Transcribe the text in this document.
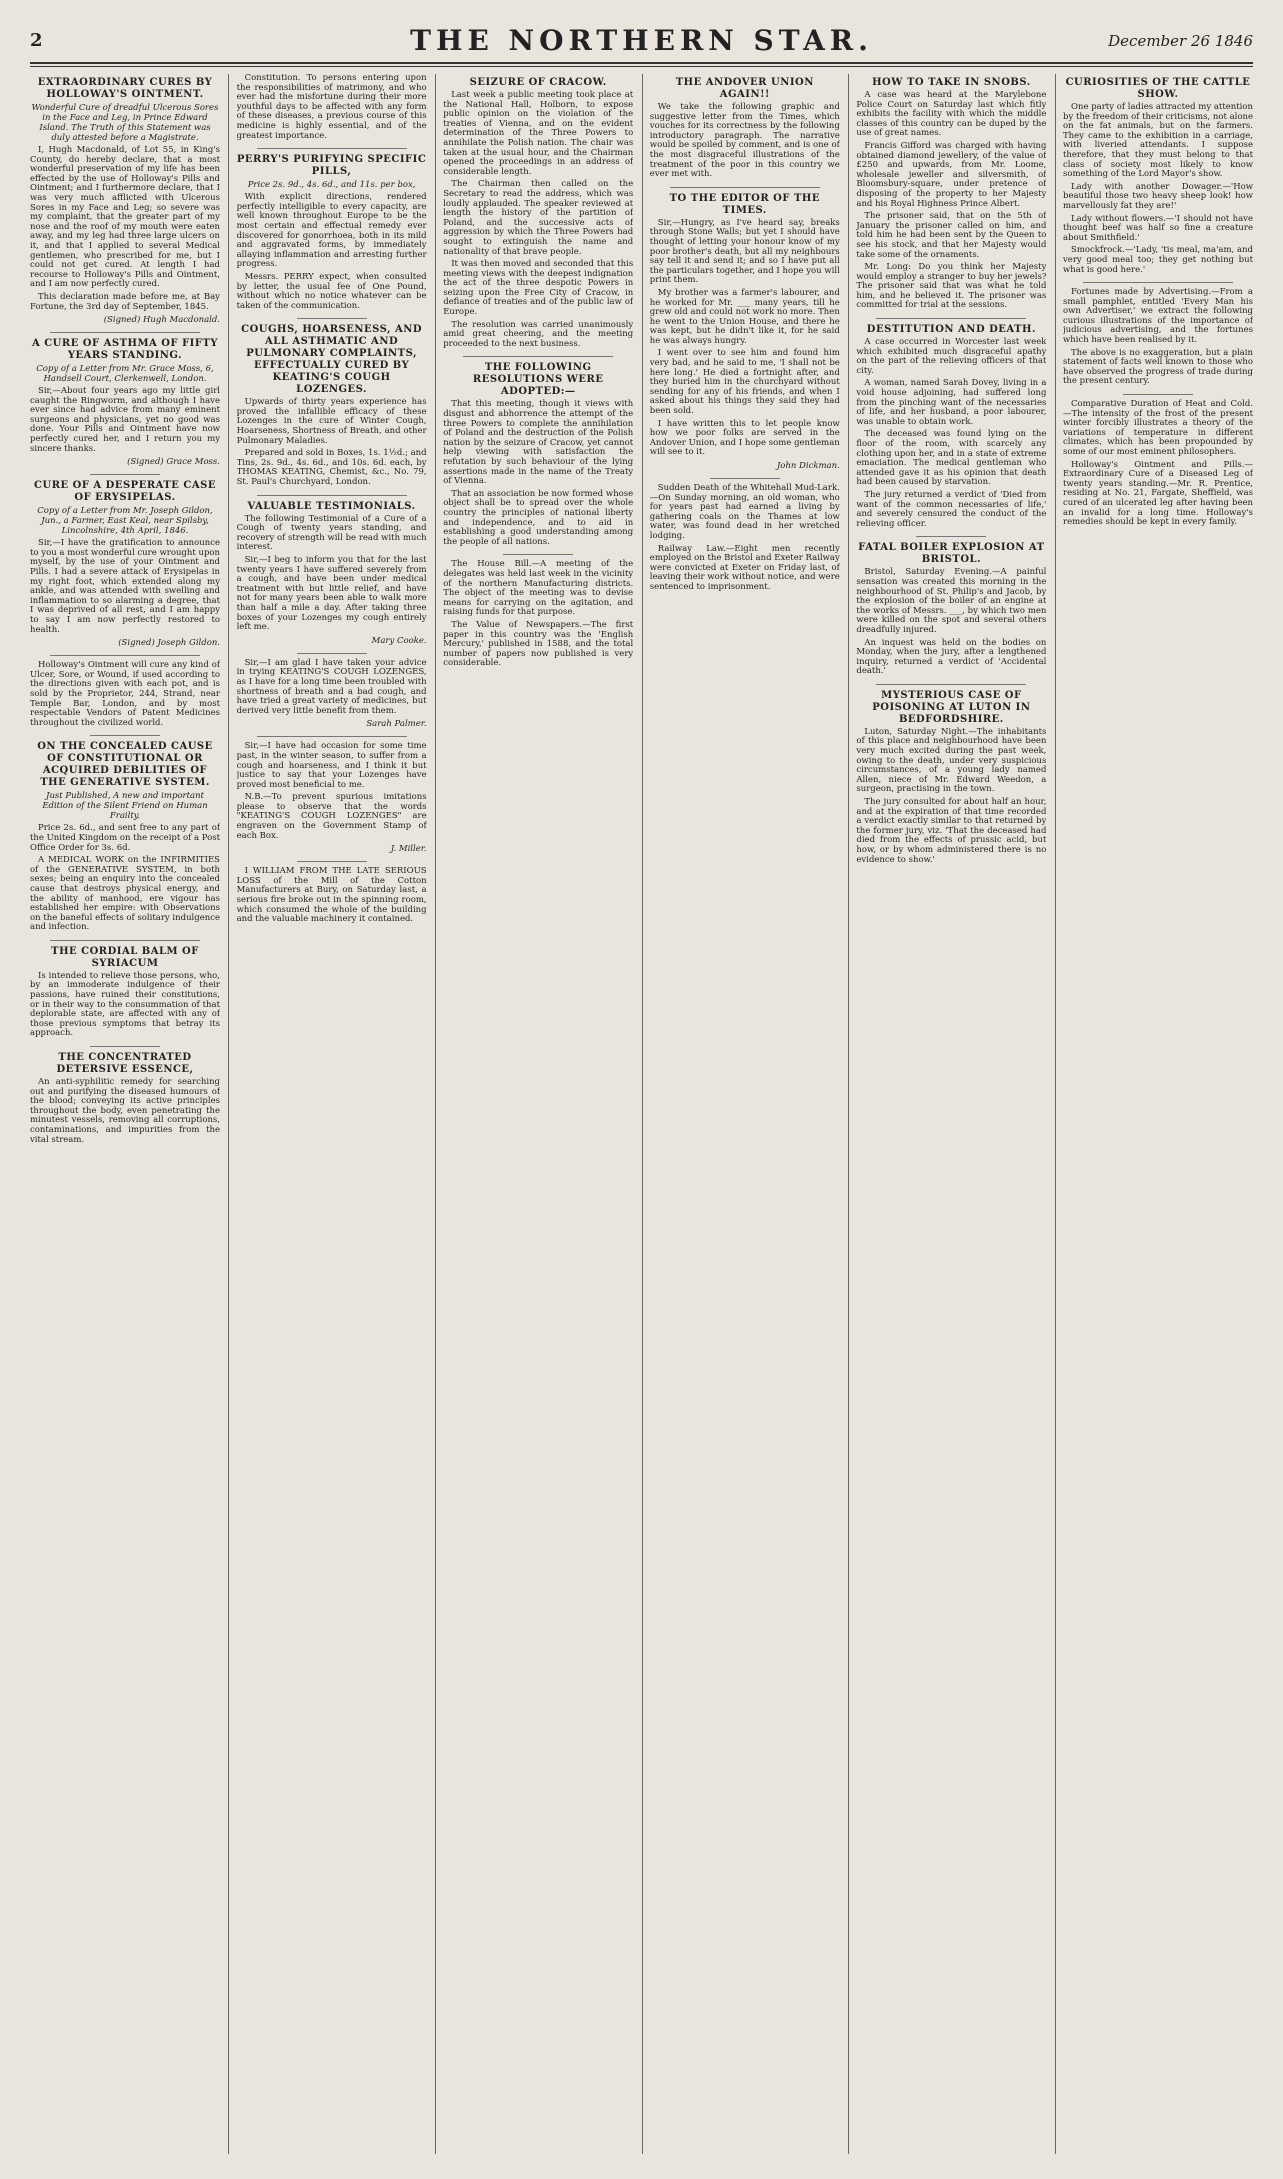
2	THE NORTHERN STAR.	December 26 1846
EXTRAORDINARY CURES BY HOLLOWAY'S OINTMENT.
Wonderful Cure of dreadful Ulcerous Sores in the Face and Leg, in Prince Edward Island. The Truth of this Statement was duly attested before a Magistrate.

I, Hugh Macdonald, of Lot 55, in King's County, do hereby declare, that a most wonderful preservation of my life has been effected by the use of Holloway's Pills and Ointment; and I furthermore declare, that I was very much afflicted with Ulcerous Sores in my Face and Leg; so severe was my complaint, that the greater part of my nose and the roof of my mouth were eaten away, and my leg had three large ulcers on it, and that I applied to several Medical gentlemen, who prescribed for me, but I could not get cured. At length I had recourse to Holloway's Pills and Ointment, and I am now perfectly cured.

This declaration made before me, at Bay Fortune, the 3rd day of September, 1845.

(Signed) Hugh Macdonald.
A CURE OF ASTHMA OF FIFTY YEARS STANDING.
Copy of a Letter from Mr. Grace Moss, 6, Handsell Court, Clerkenwell, London.

Sir,—About four years ago my little girl caught the Ringworm, and although I have ever since had advice from many eminent surgeons and physicians, yet no good was done. Your Pills and Ointment have now perfectly cured her, and I return you my sincere thanks.

(Signed) Grace Moss.
CURE OF A DESPERATE CASE OF ERYSIPELAS.
Copy of a Letter from Mr. Joseph Gildon, Jun., a Farmer, East Keal, near Spilsby, Lincolnshire, 4th April, 1846.

Sir,—I have the gratification to announce to you a most wonderful cure wrought upon myself, by the use of your Ointment and Pills. I had a severe attack of Erysipelas in my right foot, which extended along my ankle, and was attended with swelling and inflammation to so alarming a degree, that I was deprived of all rest, and I am happy to say I am now perfectly restored to health.

(Signed) Joseph Gildon.

Holloway's Ointment will cure any kind of Ulcer, Sore, or Wound, if used according to the directions given with each pot, and is sold by the Proprietor, 244, Strand, near Temple Bar, London, and by most respectable Vendors of Patent Medicines throughout the civilized world.

ON THE CONCEALED CAUSE OF CONSTITUTIONAL OR ACQUIRED DEBILITIES OF THE GENERATIVE SYSTEM.
Just Published, A new and important Edition of the Silent Friend on Human Frailty.

Price 2s. 6d., and sent free to any part of the United Kingdom on the receipt of a Post Office Order for 3s. 6d.

A MEDICAL WORK on the INFIRMITIES of the GENERATIVE SYSTEM, in both sexes; being an enquiry into the concealed cause that destroys physical energy, and the ability of manhood, ere vigour has established her empire: with Observations on the baneful effects of solitary indulgence and infection.

THE CORDIAL BALM OF SYRIACUM

Is intended to relieve those persons, who, by an immoderate indulgence of their passions, have ruined their constitutions, or in their way to the consummation of that deplorable state, are affected with any of those previous symptoms that betray its approach.

THE CONCENTRATED DETERSIVE ESSENCE,

An anti-syphilitic remedy for searching out and purifying the diseased humours of the blood; conveying its active principles throughout the body, even penetrating the minutest vessels, removing all corruptions, contaminations, and impurities from the vital stream.

Constitution. To persons entering upon the responsibilities of matrimony, and who ever had the misfortune during their more youthful days to be affected with any form of these diseases, a previous course of this medicine is highly essential, and of the greatest importance.

PERRY'S PURIFYING SPECIFIC PILLS,
Price 2s. 9d., 4s. 6d., and 11s. per box,

With explicit directions, rendered perfectly intelligible to every capacity, are well known throughout Europe to be the most certain and effectual remedy ever discovered for gonorrhoea, both in its mild and aggravated forms, by immediately allaying inflammation and arresting further progress.

Messrs. PERRY expect, when consulted by letter, the usual fee of One Pound, without which no notice whatever can be taken of the communication.

COUGHS, HOARSENESS, AND ALL ASTHMATIC AND PULMONARY COMPLAINTS, EFFECTUALLY CURED BY KEATING'S COUGH LOZENGES.

Upwards of thirty years experience has proved the infallible efficacy of these Lozenges in the cure of Winter Cough, Hoarseness, Shortness of Breath, and other Pulmonary Maladies.

Prepared and sold in Boxes, 1s. 1½d.; and Tins, 2s. 9d., 4s. 6d., and 10s. 6d. each, by THOMAS KEATING, Chemist, &c., No. 79, St. Paul's Churchyard, London.

VALUABLE TESTIMONIALS.

The following Testimonial of a Cure of a Cough of twenty years standing, and recovery of strength will be read with much interest.

Sir,—I beg to inform you that for the last twenty years I have suffered severely from a cough, and have been under medical treatment with but little relief, and have not for many years been able to walk more than half a mile a day. After taking three boxes of your Lozenges my cough entirely left me.

Mary Cooke.

Sir,—I am glad I have taken your advice in trying KEATING'S COUGH LOZENGES, as I have for a long time been troubled with shortness of breath and a bad cough, and have tried a great variety of medicines, but derived very little benefit from them.

Sarah Palmer.

Sir,—I have had occasion for some time past, in the winter season, to suffer from a cough and hoarseness, and I think it but justice to say that your Lozenges have proved most beneficial to me.

N.B.—To prevent spurious imitations please to observe that the words "KEATING'S COUGH LOZENGES" are engraven on the Government Stamp of each Box.

J. Miller.

I WILLIAM FROM THE LATE SERIOUS LOSS of the Mill of the Cotton Manufacturers at Bury, on Saturday last, a serious fire broke out in the spinning room, which consumed the whole of the building and the valuable machinery it contained.

SEIZURE OF CRACOW.

Last week a public meeting took place at the National Hall, Holborn, to expose public opinion on the violation of the treaties of Vienna, and on the evident determination of the Three Powers to annihilate the Polish nation. The chair was taken at the usual hour, and the Chairman opened the proceedings in an address of considerable length.

The Chairman then called on the Secretary to read the address, which was loudly applauded. The speaker reviewed at length the history of the partition of Poland, and the successive acts of aggression by which the Three Powers had sought to extinguish the name and nationality of that brave people.

It was then moved and seconded that this meeting views with the deepest indignation the act of the three despotic Powers in seizing upon the Free City of Cracow, in defiance of treaties and of the public law of Europe.

The resolution was carried unanimously amid great cheering, and the meeting proceeded to the next business.

THE FOLLOWING RESOLUTIONS WERE ADOPTED:—

That this meeting, though it views with disgust and abhorrence the attempt of the three Powers to complete the annihilation of Poland and the destruction of the Polish nation by the seizure of Cracow, yet cannot help viewing with satisfaction the refutation by such behaviour of the lying assertions made in the name of the Treaty of Vienna.

That an association be now formed whose object shall be to spread over the whole country the principles of national liberty and independence, and to aid in establishing a good understanding among the people of all nations.

The House Bill.—A meeting of the delegates was held last week in the vicinity of the northern Manufacturing districts. The object of the meeting was to devise means for carrying on the agitation, and raising funds for that purpose.

The Value of Newspapers.—The first paper in this country was the 'English Mercury,' published in 1588, and the total number of papers now published is very considerable.

THE ANDOVER UNION AGAIN!!

We take the following graphic and suggestive letter from the Times, which vouches for its correctness by the following introductory paragraph. The narrative would be spoiled by comment, and is one of the most disgraceful illustrations of the treatment of the poor in this country we ever met with.

TO THE EDITOR OF THE TIMES.

Sir,—Hungry, as I've heard say, breaks through Stone Walls; but yet I should have thought of letting your honour know of my poor brother's death, but all my neighbours say tell it and send it; and so I have put all the particulars together, and I hope you will print them.

My brother was a farmer's labourer, and he worked for Mr. ___ many years, till he grew old and could not work no more. Then he went to the Union House, and there he was kept, but he didn't like it, for he said he was always hungry.

I went over to see him and found him very bad, and he said to me, 'I shall not be here long.' He died a fortnight after, and they buried him in the churchyard without sending for any of his friends, and when I asked about his things they said they had been sold.

I have written this to let people know how we poor folks are served in the Andover Union, and I hope some gentleman will see to it.

John Dickman.

Sudden Death of the Whitehall Mud-Lark.—On Sunday morning, an old woman, who for years past had earned a living by gathering coals on the Thames at low water, was found dead in her wretched lodging.

Railway Law.—Eight men recently employed on the Bristol and Exeter Railway were convicted at Exeter on Friday last, of leaving their work without notice, and were sentenced to imprisonment.

HOW TO TAKE IN SNOBS.

A case was heard at the Marylebone Police Court on Saturday last which fitly exhibits the facility with which the middle classes of this country can be duped by the use of great names.

Francis Gifford was charged with having obtained diamond jewellery, of the value of £250 and upwards, from Mr. Loome, wholesale jeweller and silversmith, of Bloomsbury-square, under pretence of disposing of the property to her Majesty and his Royal Highness Prince Albert.

The prisoner said, that on the 5th of January the prisoner called on him, and told him he had been sent by the Queen to see his stock, and that her Majesty would take some of the ornaments.

Mr. Long: Do you think her Majesty would employ a stranger to buy her jewels? The prisoner said that was what he told him, and he believed it. The prisoner was committed for trial at the sessions.

DESTITUTION AND DEATH.

A case occurred in Worcester last week which exhibited much disgraceful apathy on the part of the relieving officers of that city.

A woman, named Sarah Dovey, living in a void house adjoining, had suffered long from the pinching want of the necessaries of life, and her husband, a poor labourer, was unable to obtain work.

The deceased was found lying on the floor of the room, with scarcely any clothing upon her, and in a state of extreme emaciation. The medical gentleman who attended gave it as his opinion that death had been caused by starvation.

The jury returned a verdict of 'Died from want of the common necessaries of life,' and severely censured the conduct of the relieving officer.

FATAL BOILER EXPLOSION AT BRISTOL.

Bristol, Saturday Evening.—A painful sensation was created this morning in the neighbourhood of St. Philip's and Jacob, by the explosion of the boiler of an engine at the works of Messrs. ___, by which two men were killed on the spot and several others dreadfully injured.

An inquest was held on the bodies on Monday, when the jury, after a lengthened inquiry, returned a verdict of 'Accidental death.'

MYSTERIOUS CASE OF POISONING AT LUTON IN BEDFORDSHIRE.

Luton, Saturday Night.—The inhabitants of this place and neighbourhood have been very much excited during the past week, owing to the death, under very suspicious circumstances, of a young lady named Allen, niece of Mr. Edward Weedon, a surgeon, practising in the town.

The jury consulted for about half an hour, and at the expiration of that time recorded a verdict exactly similar to that returned by the former jury, viz. 'That the deceased had died from the effects of prussic acid, but how, or by whom administered there is no evidence to show.'

CURIOSITIES OF THE CATTLE SHOW.

One party of ladies attracted my attention by the freedom of their criticisms, not alone on the fat animals, but on the farmers. They came to the exhibition in a carriage, with liveried attendants. I suppose therefore, that they must belong to that class of society most likely to know something of the Lord Mayor's show.

Lady with another Dowager.—'How beautiful those two heavy sheep look! how marvellously fat they are!'

Lady without flowers.—'I should not have thought beef was half so fine a creature about Smithfield.'

Smockfrock.—'Lady, 'tis meal, ma'am, and very good meal too; they get nothing but what is good here.'

Fortunes made by Advertising.—From a small pamphlet, entitled 'Every Man his own Advertiser,' we extract the following curious illustrations of the importance of judicious advertising, and the fortunes which have been realised by it.

The above is no exaggeration, but a plain statement of facts well known to those who have observed the progress of trade during the present century.

Comparative Duration of Heat and Cold.—The intensity of the frost of the present winter forcibly illustrates a theory of the variations of temperature in different climates, which has been propounded by some of our most eminent philosophers.

Holloway's Ointment and Pills.—Extraordinary Cure of a Diseased Leg of twenty years standing.—Mr. R. Prentice, residing at No. 21, Fargate, Sheffield, was cured of an ulcerated leg after having been an invalid for a long time. Holloway's remedies should be kept in every family.
